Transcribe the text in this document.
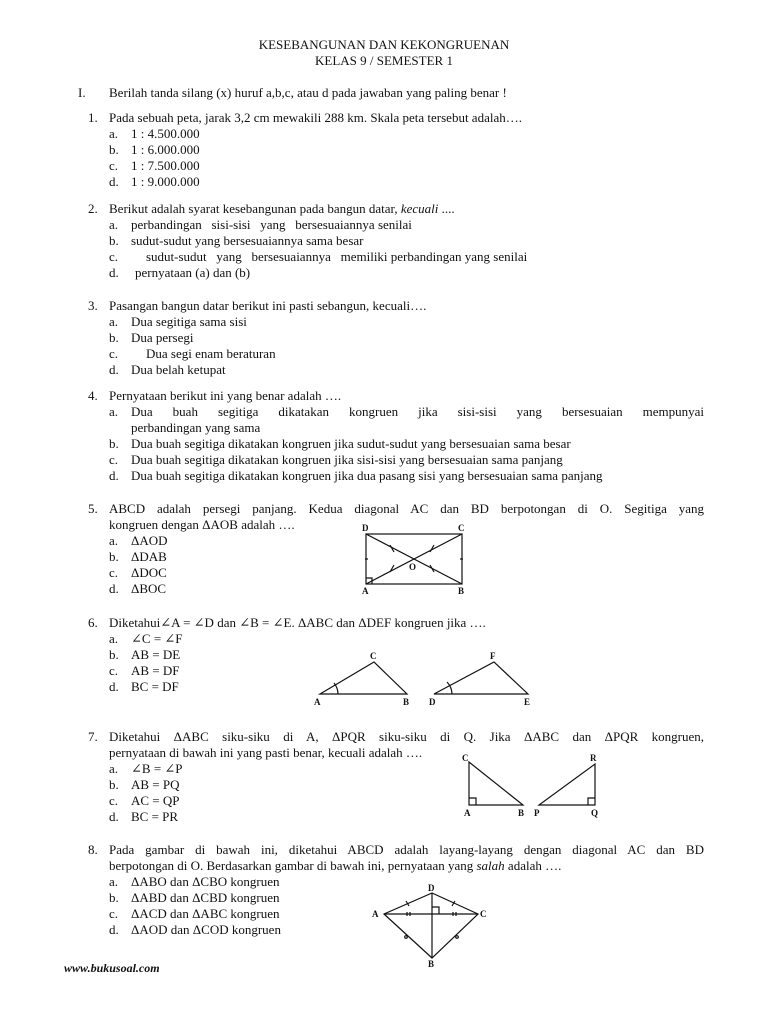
KESEBANGUNAN DAN KEKONGRUENAN
KELAS 9 / SEMESTER 1
I. Berilah tanda silang (x) huruf a,b,c, atau d pada jawaban yang paling benar !
1. Pada sebuah peta, jarak 3,2 cm mewakili 288 km. Skala peta tersebut adalah….
a. 1 : 4.500.000
b. 1 : 6.000.000
c. 1 : 7.500.000
d. 1 : 9.000.000
2. Berikut adalah syarat kesebangunan pada bangun datar, kecuali ....
a. perbandingan   sisi-sisi   yang   bersesuaiannya senilai
b. sudut-sudut yang bersesuaiannya sama besar
c. sudut-sudut   yang   bersesuaiannya   memiliki perbandingan yang senilai
d. pernyataan (a) dan (b)
3. Pasangan bangun datar berikut ini pasti sebangun, kecuali….
a. Dua segitiga sama sisi
b. Dua persegi
c. Dua segi enam beraturan
d. Dua belah ketupat
4. Pernyataan berikut ini yang benar adalah ….
a. Dua buah segitiga dikatakan kongruen jika sisi-sisi yang bersesuaian mempunyai
perbandingan yang sama
b. Dua buah segitiga dikatakan kongruen jika sudut-sudut yang bersesuaian sama besar
c. Dua buah segitiga dikatakan kongruen jika sisi-sisi yang bersesuaian sama panjang
d. Dua buah segitiga dikatakan kongruen jika dua pasang sisi yang bersesuaian sama panjang
5. ABCD adalah persegi panjang. Kedua diagonal AC dan BD berpotongan di O. Segitiga yang
kongruen dengan ΔAOB adalah ….
a. ΔAOD
b. ΔDAB
c. ΔDOC
d. ΔBOC
D	C
A	B
O
6. Diketahui∠A = ∠D dan ∠B = ∠E. ΔABC dan ΔDEF kongruen jika ….
a. ∠C = ∠F
b. AB = DE
c. AB = DF
d. BC = DF
A	B
C
D	E
F
7. Diketahui ΔABC siku-siku di A, ΔPQR siku-siku di Q. Jika ΔABC dan ΔPQR kongruen,
pernyataan di bawah ini yang pasti benar, kecuali adalah ….
a. ∠B = ∠P
b. AB = PQ
c. AC = QP
d. BC = PR
C
A	B P	Q
R
8. Pada gambar di bawah ini, diketahui ABCD adalah layang-layang dengan diagonal AC dan BD
berpotongan di O. Berdasarkan gambar di bawah ini, pernyataan yang salah adalah ….
a. ΔABO dan ΔCBO kongruen
b. ΔABD dan ΔCBD kongruen
c. ΔACD dan ΔABC kongruen
d. ΔAOD dan ΔCOD kongruen
A	C
D
B
www.bukusoal.com
